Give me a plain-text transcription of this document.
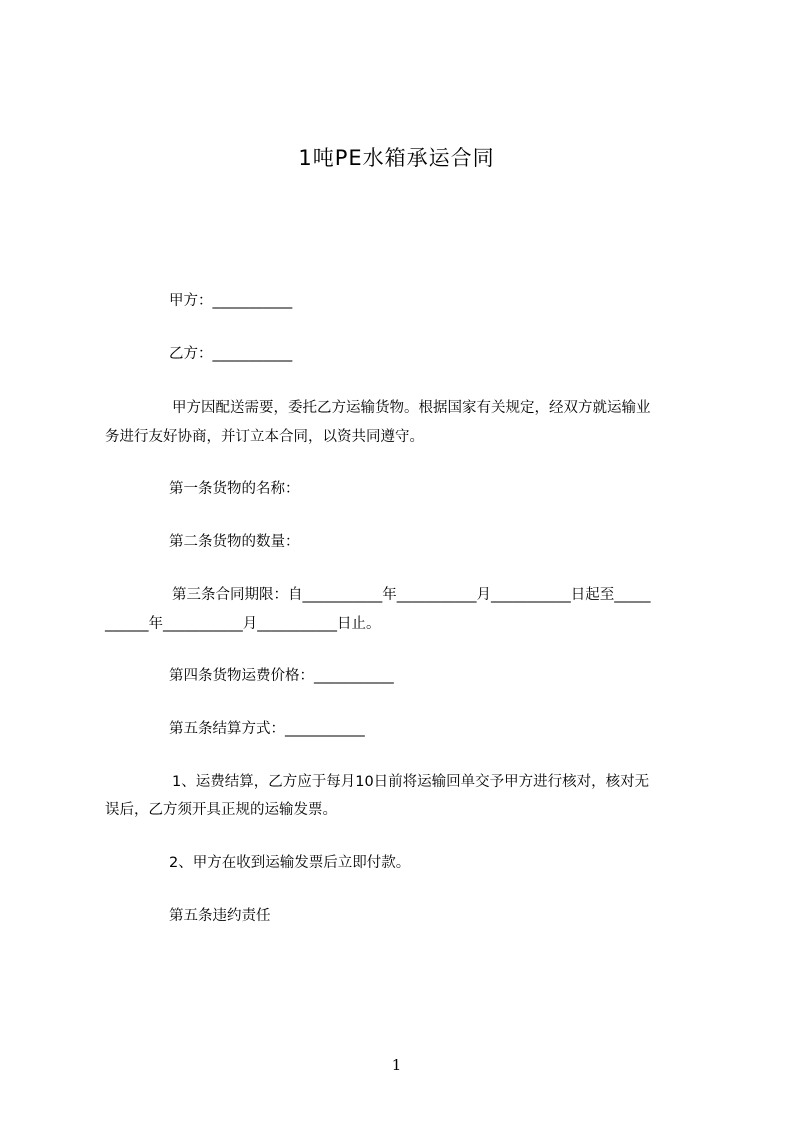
1吨PE水箱承运合同
甲方：___________
乙方：___________
甲方因配送需要，委托乙方运输货物。根据国家有关规定，经双方就运输业
务进行友好协商，并订立本合同，以资共同遵守。
第一条货物的名称：
第二条货物的数量：
第三条合同期限：自___________年___________月___________日起至_____
______年___________月___________日止。
第四条货物运费价格：___________
第五条结算方式：___________
1、运费结算，乙方应于每月10日前将运输回单交予甲方进行核对，核对无
误后，乙方须开具正规的运输发票。
2、甲方在收到运输发票后立即付款。
第五条违约责任
1
